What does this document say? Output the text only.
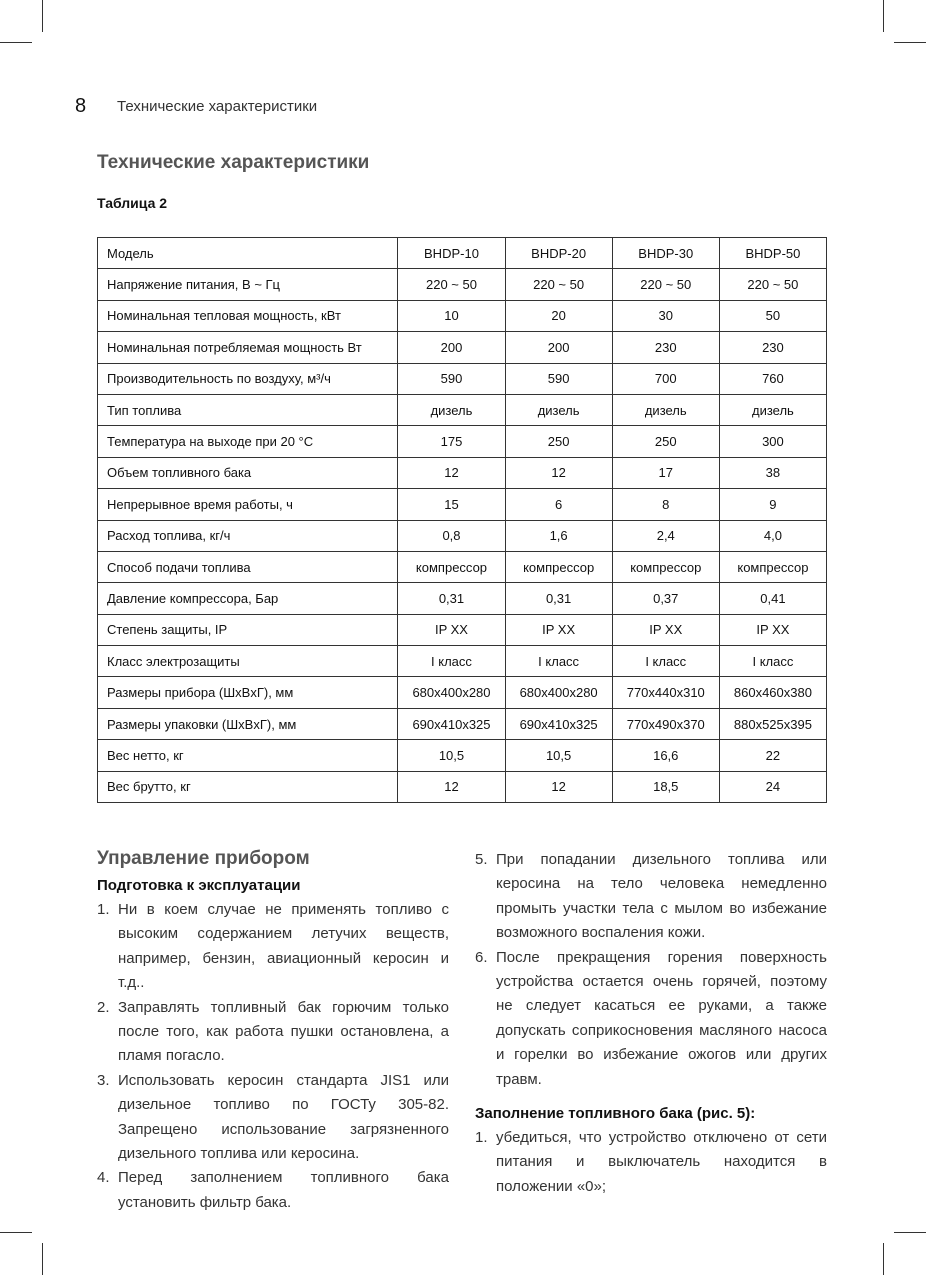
8 Технические характеристики
Технические характеристики
Таблица 2
Модель	BHDP-10	BHDP-20	BHDP-30	BHDP-50
Напряжение питания, В ~ Гц	220 ~ 50	220 ~ 50	220 ~ 50	220 ~ 50
Номинальная тепловая мощность, кВт	10	20	30	50
Номинальная потребляемая мощность Вт	200	200	230	230
Производительность по воздуху, м³/ч	590	590	700	760
Тип топлива	дизель	дизель	дизель	дизель
Температура на выходе при 20 °С	175	250	250	300
Объем топливного бака	12	12	17	38
Непрерывное время работы, ч	15	6	8	9
Расход топлива, кг/ч	0,8	1,6	2,4	4,0
Способ подачи топлива	компрессор	компрессор	компрессор	компрессор
Давление компрессора, Бар	0,31	0,31	0,37	0,41
Степень защиты, IP	IP XX	IP XX	IP XX	IP XX
Класс электрозащиты	I класс	I класс	I класс	I класс
Размеры прибора (ШxВxГ), мм	680x400x280	680x400x280	770x440x310	860x460x380
Размеры упаковки (ШxВxГ), мм	690x410x325	690x410x325	770x490x370	880x525x395
Вес нетто, кг	10,5	10,5	16,6	22
Вес брутто, кг	12	12	18,5	24
Управление прибором
Подготовка к эксплуатации
1. Ни в коем случае не применять топливо с высоким содержанием летучих веществ, например, бензин, авиационный керосин и т.д..
2. Заправлять топливный бак горючим только после того, как работа пушки остановлена, а пламя погасло.
3. Использовать керосин стандарта JIS1 или дизельное топливо по ГОСТу 305-82. Запрещено использование загрязненного дизельного топлива или керосина.
4. Перед заполнением топливного бака установить фильтр бака.
5. При попадании дизельного топлива или керосина на тело человека немедленно промыть участки тела с мылом во избежание возможного воспаления кожи.
6. После прекращения горения поверхность устройства остается очень горячей, поэтому не следует касаться ее руками, а также допускать соприкосновения масляного насоса и горелки во избежание ожогов или других травм.
Заполнение топливного бака (рис. 5):
1. убедиться, что устройство отключено от сети питания и выключатель находится в положении «0»;
